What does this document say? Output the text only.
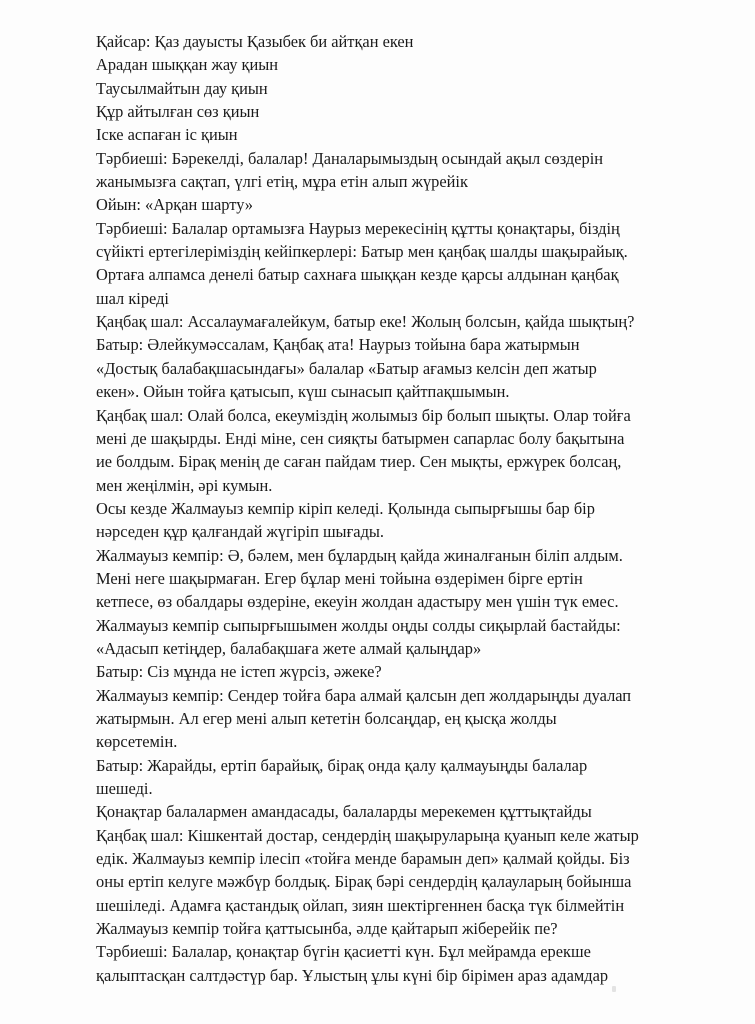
Қайсар: Қаз дауысты Қазыбек би айтқан екен
Арадан шыққан жау қиын
Таусылмайтын дау қиын
Құр айтылған сөз қиын
Іске аспаған іс қиын
Тәрбиеші: Бәрекелді, балалар! Даналарымыздың осындай ақыл сөздерін
жанымызға сақтап, үлгі етің, мұра етін алып жүрейік
Ойын: «Арқан шарту»
Тәрбиеші: Балалар ортамызға Наурыз мерекесінің құтты қонақтары, біздің
сүйікті ертегілеріміздің кейіпкерлері: Батыр мен қаңбақ шалды шақырайық.
Ортаға алпамса денелі батыр сахнаға шыққан кезде қарсы алдынан қаңбақ
шал кіреді
Қаңбақ шал: Ассалаумағалейкум, батыр еке! Жолың болсын, қайда шықтың?
Батыр: Әлейкумәссалам, Қаңбақ ата! Наурыз тойына бара жатырмын
«Достық балабақшасындағы» балалар «Батыр ағамыз келсін деп жатыр
екен». Ойын тойға қатысып, күш сынасып қайтпақшымын.
Қаңбақ шал: Олай болса, екеуміздің жолымыз бір болып шықты. Олар тойға
мені де шақырды. Енді міне, сен сияқты батырмен сапарлас болу бақытына
ие болдым. Бірақ менің де саған пайдам тиер. Сен мықты, ержүрек болсаң,
мен жеңілмін, әрі кумын.
Осы кезде Жалмауыз кемпір кіріп келеді. Қолында сыпырғышы бар бір
нәрседен құр қалғандай жүгіріп шығады.
Жалмауыз кемпір: Ә, бәлем, мен бұлардың қайда жиналғанын біліп алдым.
Мені неге шақырмаған. Егер бұлар мені тойына өздерімен бірге ертін
кетпесе, өз обалдары өздеріне, екеуін жолдан адастыру мен үшін түк емес.
Жалмауыз кемпір сыпырғышымен жолды оңды солды сиқырлай бастайды:
«Адасып кетіңдер, балабақшаға жете алмай қалыңдар»
Батыр: Сіз мұнда не істеп жүрсіз, әжеке?
Жалмауыз кемпір: Сендер тойға бара алмай қалсын деп жолдарыңды дуалап
жатырмын. Ал егер мені алып кететін болсаңдар, ең қысқа жолды
көрсетемін.
Батыр: Жарайды, ертіп барайық, бірақ онда қалу қалмауыңды балалар
шешеді.
Қонақтар балалармен амандасады, балаларды мерекемен құттықтайды
Қаңбақ шал: Кішкентай достар, сендердің шақыруларыңа қуанып келе жатыр
едік. Жалмауыз кемпір ілесіп «тойға менде барамын деп» қалмай қойды. Біз
оны ертіп келуге мәжбүр болдық. Бірақ бәрі сендердің қалауларың бойынша
шешіледі. Адамға қастандық ойлап, зиян шектіргеннен басқа түк білмейтін
Жалмауыз кемпір тойға қаттысынба, әлде қайтарып жіберейік пе?
Тәрбиеші: Балалар, қонақтар бүгін қасиетті күн. Бұл мейрамда ерекше
қалыптасқан салтдәстүр бар. Ұлыстың ұлы күні бір бірімен араз адамдар
